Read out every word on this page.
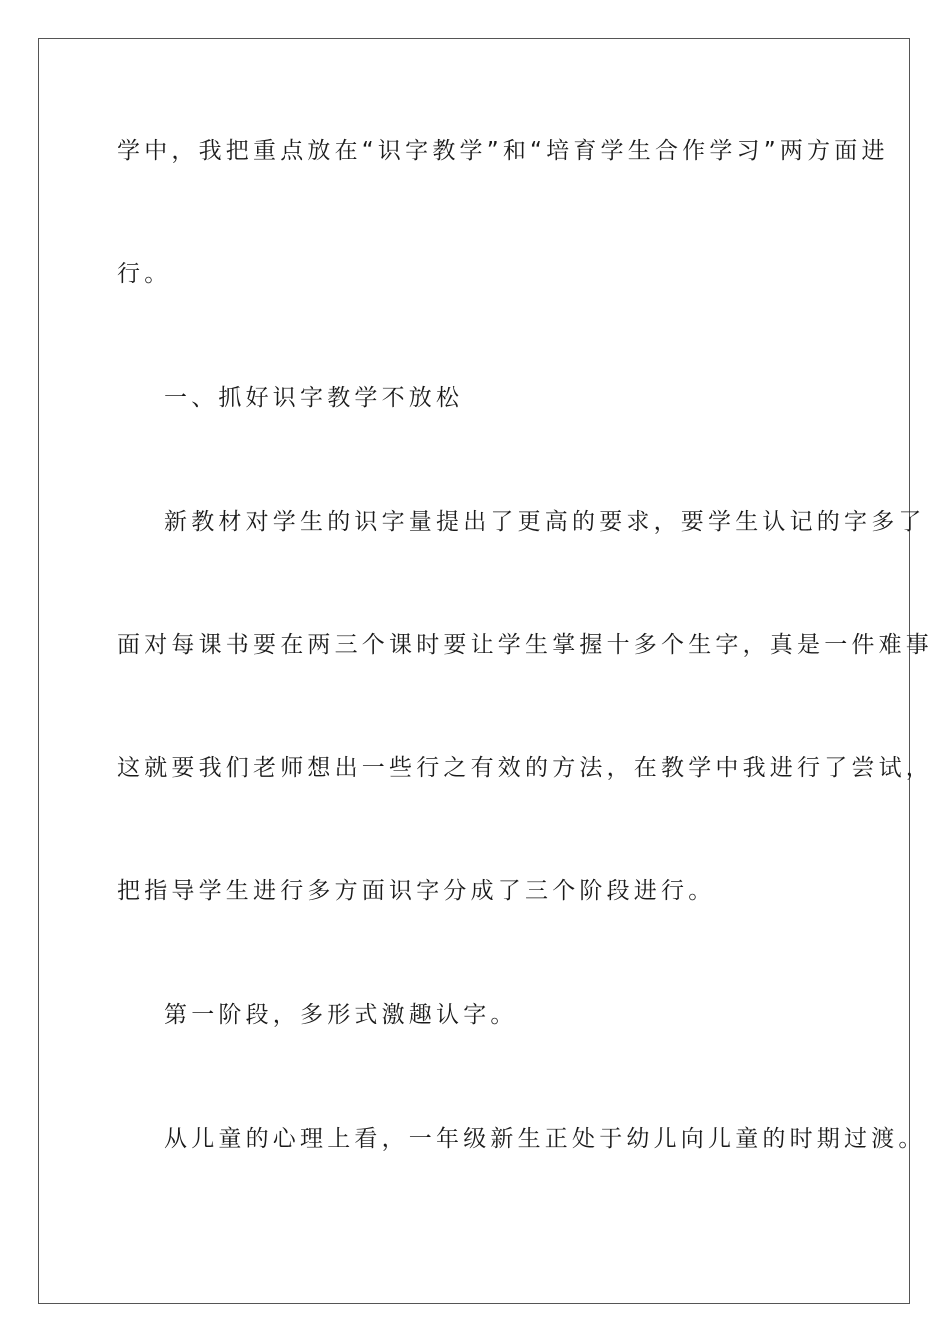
学中，我把重点放在“识字教学”和“培育学生合作学习”两方面进
行。
一、抓好识字教学不放松
新教材对学生的识字量提出了更高的要求，要学生认记的字多了
面对每课书要在两三个课时要让学生掌握十多个生字，真是一件难事
这就要我们老师想出一些行之有效的方法，在教学中我进行了尝试，
把指导学生进行多方面识字分成了三个阶段进行。
第一阶段，多形式激趣认字。
从儿童的心理上看，一年级新生正处于幼儿向儿童的时期过渡。
